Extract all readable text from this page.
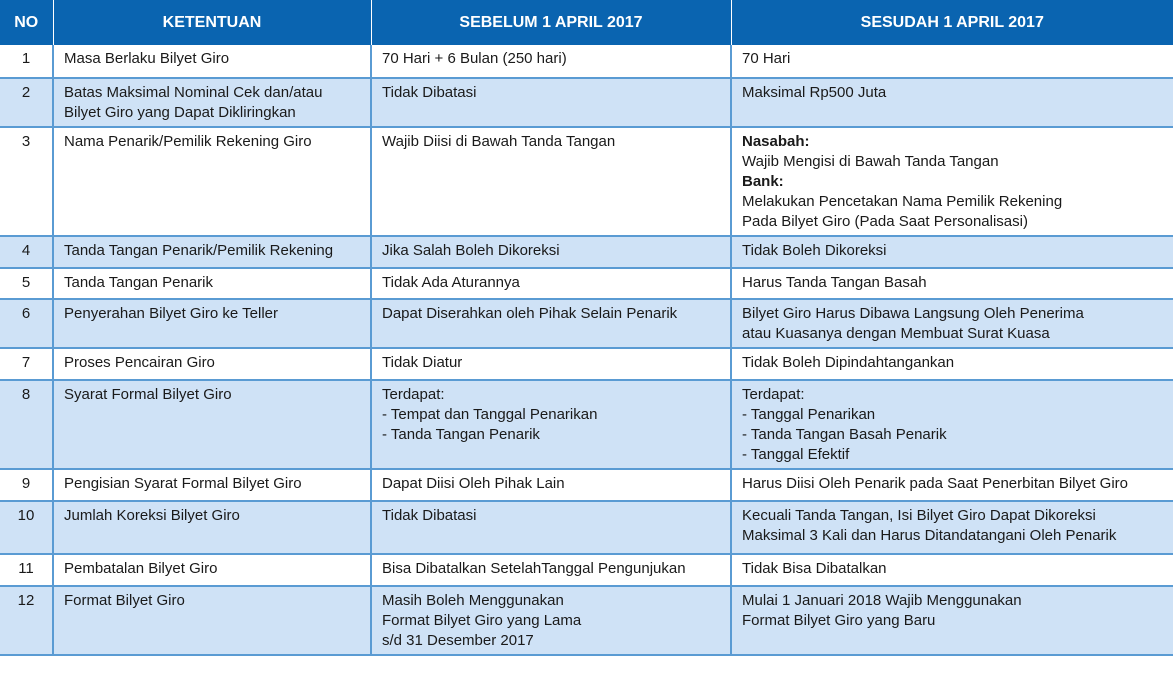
NO	KETENTUAN	SEBELUM 1 APRIL 2017	SESUDAH 1 APRIL 2017
1	Masa Berlaku Bilyet Giro	70 Hari + 6 Bulan (250 hari)	70 Hari

2	Batas Maksimal Nominal Cek dan/atau
Bilyet Giro yang Dapat Dikliringkan	Tidak Dibatasi	Maksimal Rp500 Juta

3	Nama Penarik/Pemilik Rekening Giro	Wajib Diisi di Bawah Tanda Tangan	Nasabah:
Wajib Mengisi di Bawah Tanda Tangan
Bank:
Melakukan Pencetakan Nama Pemilik Rekening
Pada Bilyet Giro (Pada Saat Personalisasi)

4	Tanda Tangan Penarik/Pemilik Rekening	Jika Salah Boleh Dikoreksi	Tidak Boleh Dikoreksi

5	Tanda Tangan Penarik	Tidak Ada Aturannya	Harus Tanda Tangan Basah

6	Penyerahan Bilyet Giro ke Teller	Dapat Diserahkan oleh Pihak Selain Penarik	Bilyet Giro Harus Dibawa Langsung Oleh Penerima
atau Kuasanya dengan Membuat Surat Kuasa

7	Proses Pencairan Giro	Tidak Diatur	Tidak Boleh Dipindahtangankan

8	Syarat Formal Bilyet Giro	Terdapat:
- Tempat dan Tanggal Penarikan
- Tanda Tangan Penarik	Terdapat:
- Tanggal Penarikan
- Tanda Tangan Basah Penarik
- Tanggal Efektif

9	Pengisian Syarat Formal Bilyet Giro	Dapat Diisi Oleh Pihak Lain	Harus Diisi Oleh Penarik pada Saat Penerbitan Bilyet Giro

10	Jumlah Koreksi Bilyet Giro	Tidak Dibatasi	Kecuali Tanda Tangan, Isi Bilyet Giro Dapat Dikoreksi
Maksimal 3 Kali dan Harus Ditandatangani Oleh Penarik

11	Pembatalan Bilyet Giro	Bisa Dibatalkan SetelahTanggal Pengunjukan	Tidak Bisa Dibatalkan

12	Format Bilyet Giro	Masih Boleh Menggunakan
Format Bilyet Giro yang Lama
s/d 31 Desember 2017	Mulai 1 Januari 2018 Wajib Menggunakan
Format Bilyet Giro yang Baru
